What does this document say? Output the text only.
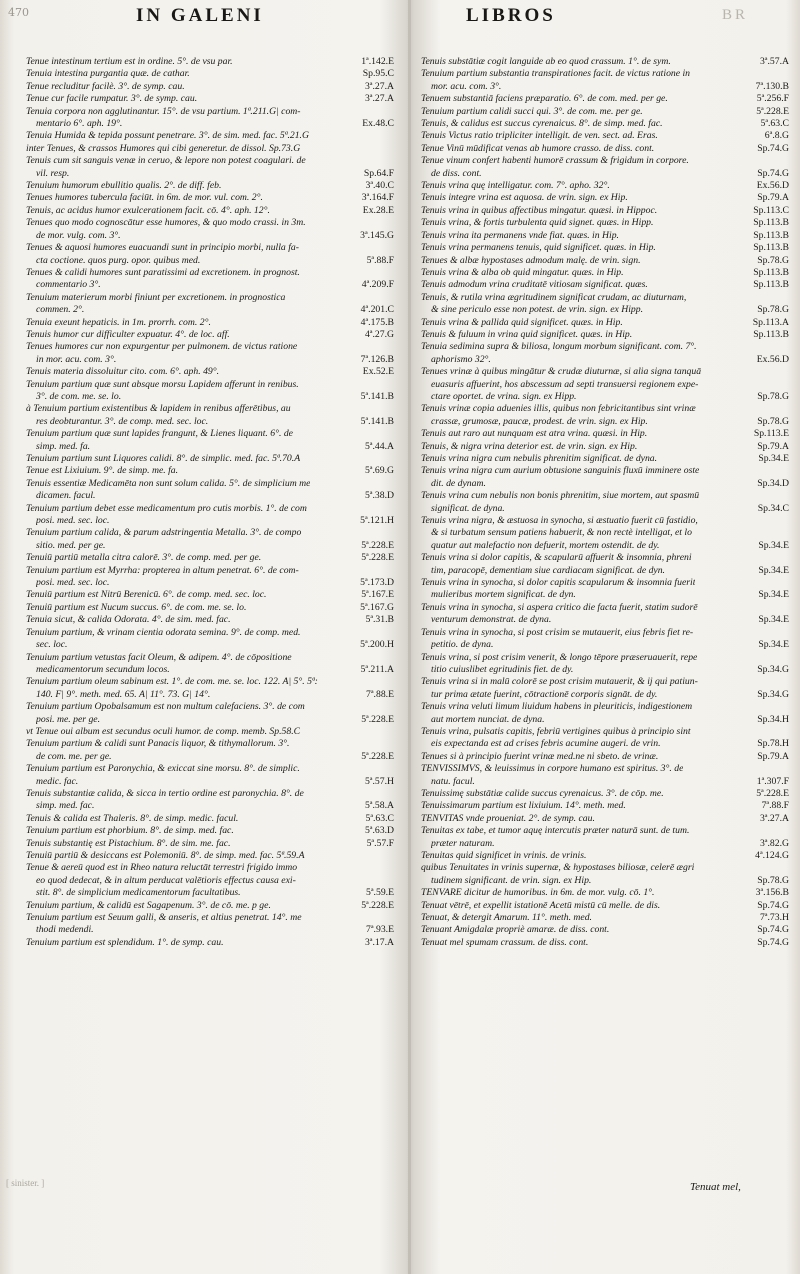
470	IN GALENI	LIBROS	BR
Tenue intestinum tertium est in ordine. 5°. de vsu par.	1ª.142.E
Tenuia intestina purgantia quæ. de cathar.	Sp.95.C
Tenue recluditur facilè. 3°. de symp. cau.	3ª.27.A
Tenue cur facile rumpatur. 3°. de symp. cau.	3ª.27.A
Tenuia corpora non agglutinantur. 15°. de vsu partium. 1ª.211.G| com-
mentario 6°. aph. 19°.	Ex.48.C
Tenuia Humida & tepida possunt penetrare. 3°. de sim. med. fac. 5ª.21.G
inter Tenues, & crassos Humores qui cibi generetur. de dissol. Sp.73.G
Tenuis cum sit sanguis venæ in ceruo, & lepore non potest coagulari. de
vil. resp.	Sp.64.F
Tenuium humorum ebullitio qualis. 2°. de diff. feb.	3ª.40.C
Tenues humores tubercula faciūt. in 6m. de mor. vul. com. 2°.	3ª.164.F
Tenuis, ac acidus humor exulcerationem facit. cō. 4°. aph. 12°.	Ex.28.E
Tenues quo modo cognoscātur esse humores, & quo modo crassi. in 3m.
de mor. vulg. com. 3°.	3ª.145.G
Tenues & aquosi humores euacuandi sunt in principio morbi, nulla fa-
cta coctione. quos purg. opor. quibus med.	5ª.88.F
Tenues & calidi humores sunt paratissimi ad excretionem. in prognost.
commentario 3°.	4ª.209.F
Tenuium materierum morbi finiunt per excretionem. in prognostica
commen. 2°.	4ª.201.C
Tenuia exeunt hepaticis. in 1m. prorrh. com. 2°.	4ª.175.B
Tenuis humor cur difficulter expuatur. 4°. de loc. aff.	4ª.27.G
Tenues humores cur non expurgentur per pulmonem. de victus ratione
in mor. acu. com. 3°.	7ª.126.B
Tenuis materia dissoluitur cito. com. 6°. aph. 49°.	Ex.52.E
Tenuium partium quæ sunt absque morsu Lapidem afferunt in renibus.
3°. de com. me. se. lo.	5ª.141.B
à Tenuium partium existentibus & lapidem in renibus afferētibus, au
res deobturantur. 3°. de comp. med. sec. loc.	5ª.141.B
Tenuium partium quæ sunt lapides frangunt, & Lienes liquant. 6°. de
simp. med. fa.	5ª.44.A
Tenuium partium sunt Liquores calidi. 8°. de simplic. med. fac. 5ª.70.A
Tenue est Lixiuium. 9°. de simp. me. fa.	5ª.69.G
Tenuis essentiæ Medicamēta non sunt solum calida. 5°. de simplicium me
dicamen. facul.	5ª.38.D
Tenuium partium debet esse medicamentum pro cutis morbis. 1°. de com
posi. med. sec. loc.	5ª.121.H
Tenuium partium calida, & parum adstringentia Metalla. 3°. de compo
sitio. med. per ge.	5ª.228.E
Tenuiū partiū metalla citra calorē. 3°. de comp. med. per ge.	5ª.228.E
Tenuium partium est Myrrha: propterea in altum penetrat. 6°. de com-
posi. med. sec. loc.	5ª.173.D
Tenuiū partium est Nitrū Berenicū. 6°. de comp. med. sec. loc.	5ª.167.E
Tenuiū partium est Nucum succus. 6°. de com. me. se. lo.	5ª.167.G
Tenuia sicut, & calida Odorata. 4°. de sim. med. fac.	5ª.31.B
Tenuium partium, & vrinam cientia odorata semina. 9°. de comp. med.
sec. loc.	5ª.200.H
Tenuium partium vetustas facit Oleum, & adipem. 4°. de cōpositione
medicamentorum secundum locos.	5ª.211.A
Tenuium partium oleum sabinum est. 1°. de com. me. se. loc. 122. A| 5°. 5ª:
140. F| 9°. meth. med. 65. A| 11°. 73. G| 14°.	7ª.88.E
Tenuium partium Opobalsamum est non multum calefaciens. 3°. de com
posi. me. per ge.	5ª.228.E
vt Tenue oui album est secundus oculi humor. de comp. memb. Sp.58.C
Tenuium partium & calidi sunt Panacis liquor, & tithymallorum. 3°.
de com. me. per ge.	5ª.228.E
Tenuium partium est Paronychia, & exiccat sine morsu. 8°. de simplic.
medic. fac.	5ª.57.H
Tenuis substantiæ calida, & sicca in tertio ordine est paronychia. 8°. de
simp. med. fac.	5ª.58.A
Tenuis & calida est Thaleris. 8°. de simp. medic. facul.	5ª.63.C
Tenuium partium est phorbium. 8°. de simp. med. fac.	5ª.63.D
Tenuis substantię est Pistachium. 8°. de sim. me. fac.	5ª.57.F
Tenuiū partiū & desiccans est Polemoniū. 8°. de simp. med. fac. 5ª.59.A
Tenue & aereū quod est in Rheo natura reluctāt terrestri frigido immo
eo quod dedecat, & in altum perducat valētioris effectus causa exi-
stit. 8°. de simplicium medicamentorum facultatibus.	5ª.59.E
Tenuium partium, & calidū est Sagapenum. 3°. de cō. me. p ge.	5ª.228.E
Tenuium partium est Seuum galli, & anseris, et altius penetrat. 14°. me
thodi medendi.	7ª.93.E
Tenuium partium est splendidum. 1°. de symp. cau.	3ª.17.A
Tenuis substātiæ cogit languide ab eo quod crassum. 1°. de sym.	3ª.57.A
Tenuium partium substantia transpirationes facit. de victus ratione in
mor. acu. com. 3°.	7ª.130.B
Tenuem substantiā faciens præparatio. 6°. de com. med. per ge.	5ª.256.F
Tenuium partium calidi succi qui. 3°. de com. me. per ge.	5ª.228.E
Tenuis, & calidus est succus cyrenaicus. 8°. de simp. med. fac.	5ª.63.C
Tenuis Victus ratio tripliciter intelligit. de ven. sect. ad. Eras.	6ª.8.G
Tenue Vinū mūdificat venas ab humore crasso. de diss. cont.	Sp.74.G
Tenue vinum confert habenti humorē crassum & frigidum in corpore.
de diss. cont.	Sp.74.G
Tenuis vrina quę intelligatur. com. 7°. apho. 32°.	Ex.56.D
Tenuis integre vrina est aquosa. de vrin. sign. ex Hip.	Sp.79.A
Tenuis vrina in quibus affectibus mingatur. quæsi. in Hippoc.	Sp.113.C
Tenuis vrina, & fortis turbulenta quid signet. quæs. in Hipp.	Sp.113.B
Tenuis vrina ita permanens vnde fiat. quæs. in Hip.	Sp.113.B
Tenuis vrina permanens tenuis, quid significet. quæs. in Hip.	Sp.113.B
Tenues & albæ hypostases admodum malę. de vrin. sign.	Sp.78.G
Tenuis vrina & alba ob quid mingatur. quæs. in Hip.	Sp.113.B
Tenuis admodum vrina cruditatē vitiosam significat. quæs.	Sp.113.B
Tenuis, & rutila vrina ægritudinem significat crudam, ac diuturnam,
& sine periculo esse non potest. de vrin. sign. ex Hipp.	Sp.78.G
Tenuis vrina & pallida quid significet. quæs. in Hip.	Sp.113.A
Tenuis & fuluum in vrina quid significet. quæs. in Hip.	Sp.113.B
Tenuia sedimina supra & biliosa, longum morbum significant. com. 7°.
aphorismo 32°.	Ex.56.D
Tenues vrinæ à quibus mingātur & crudæ diuturnæ, si alia signa tanquā
euasuris affuerint, hos abscessum ad septi transuersi regionem expe-
ctare oportet. de vrina. sign. ex Hipp.	Sp.78.G
Tenuis vrinæ copia aduenies illis, quibus non febricitantibus sint vrinæ
crassæ, grumosæ, paucæ, prodest. de vrin. sign. ex Hip.	Sp.78.G
Tenuis aut raro aut nunquam est atra vrina. quæsi. in Hip.	Sp.113.E
Tenuis, & nigra vrina deterior est. de vrin. sign. ex Hip.	Sp.79.A
Tenuis vrina nigra cum nebulis phrenitim significat. de dyna.	Sp.34.E
Tenuis vrina nigra cum aurium obtusione sanguinis fluxū imminere oste
dit. de dynam.	Sp.34.D
Tenuis vrina cum nebulis non bonis phrenitim, siue mortem, aut spasmū
significat. de dyna.	Sp.34.C
Tenuis vrina nigra, & æstuosa in synocha, si æstuatio fuerit cū fastidio,
& si turbatum sensum patiens habuerit, & non rectè intelligat, et lo
quatur aut malefactio non defuerit, mortem ostendit. de dy.	Sp.34.E
Tenuis vrina si dolor capitis, & scapularū affuerit & insomnia, phreni
tim, paracopē, dementiam siue cardiacam significat. de dyn.	Sp.34.E
Tenuis vrina in synocha, si dolor capitis scapularum & insomnia fuerit
mulieribus mortem significat. de dyn.	Sp.34.E
Tenuis vrina in synocha, si aspera critico die facta fuerit, statim sudorē
venturum demonstrat. de dyna.	Sp.34.E
Tenuis vrina in synocha, si post crisim se mutauerit, eius febris fiet re-
petitio. de dyna.	Sp.34.E
Tenuis vrina, si post crisim venerit, & longo tēpore præseruauerit, repe
titio cuiuslibet egritudinis fiet. de dy.	Sp.34.G
Tenuis vrina si in malū colorē se post crisim mutauerit, & ij qui patiun-
tur prima ætate fuerint, cōtractionē corporis signāt. de dy.	Sp.34.G
Tenuis vrina veluti limum liuidum habens in pleuriticis, indigestionem
aut mortem nunciat. de dyna.	Sp.34.H
Tenuis vrina, pulsatis capitis, febriū vertigines quibus à principio sint
eis expectanda est ad crises febris acumine augeri. de vrin.	Sp.78.H
Tenues si à principio fuerint vrinæ med.ne ni sbeto. de vrinæ.	Sp.79.A
TENVISSIMVS, & leuissimus in corpore humano est spiritus. 3°. de
natu. facul.	1ª.307.F
Tenuissimę substātiæ calide succus cyrenaicus. 3°. de cōp. me.	5ª.228.E
Tenuissimarum partium est lixiuium. 14°. meth. med.	7ª.88.F
TENVITAS vnde proueniat. 2°. de symp. cau.	3ª.27.A
Tenuitas ex tabe, et tumor aquę intercutis præter naturā sunt. de tum.
præter naturam.	3ª.82.G
Tenuitas quid significet in vrinis. de vrinis.	4ª.124.G
quibus Tenuitates in vrinis supernæ, & hypostases biliosæ, celerē ægri
tudinem significant. de vrin. sign. ex Hip.	Sp.78.G
TENVARE dicitur de humoribus. in 6m. de mor. vulg. cō. 1°.	3ª.156.B
Tenuat vētrē, et expellit istationē Acetū mistū cū melle. de dis.	Sp.74.G
Tenuat, & detergit Amarum. 11°. meth. med.	7ª.73.H
Tenuant Amigdalæ propriè amaræ. de diss. cont.	Sp.74.G
Tenuat mel spumam crassum. de diss. cont.	Sp.74.G
Tenuat mel,
[ sinister. ]
